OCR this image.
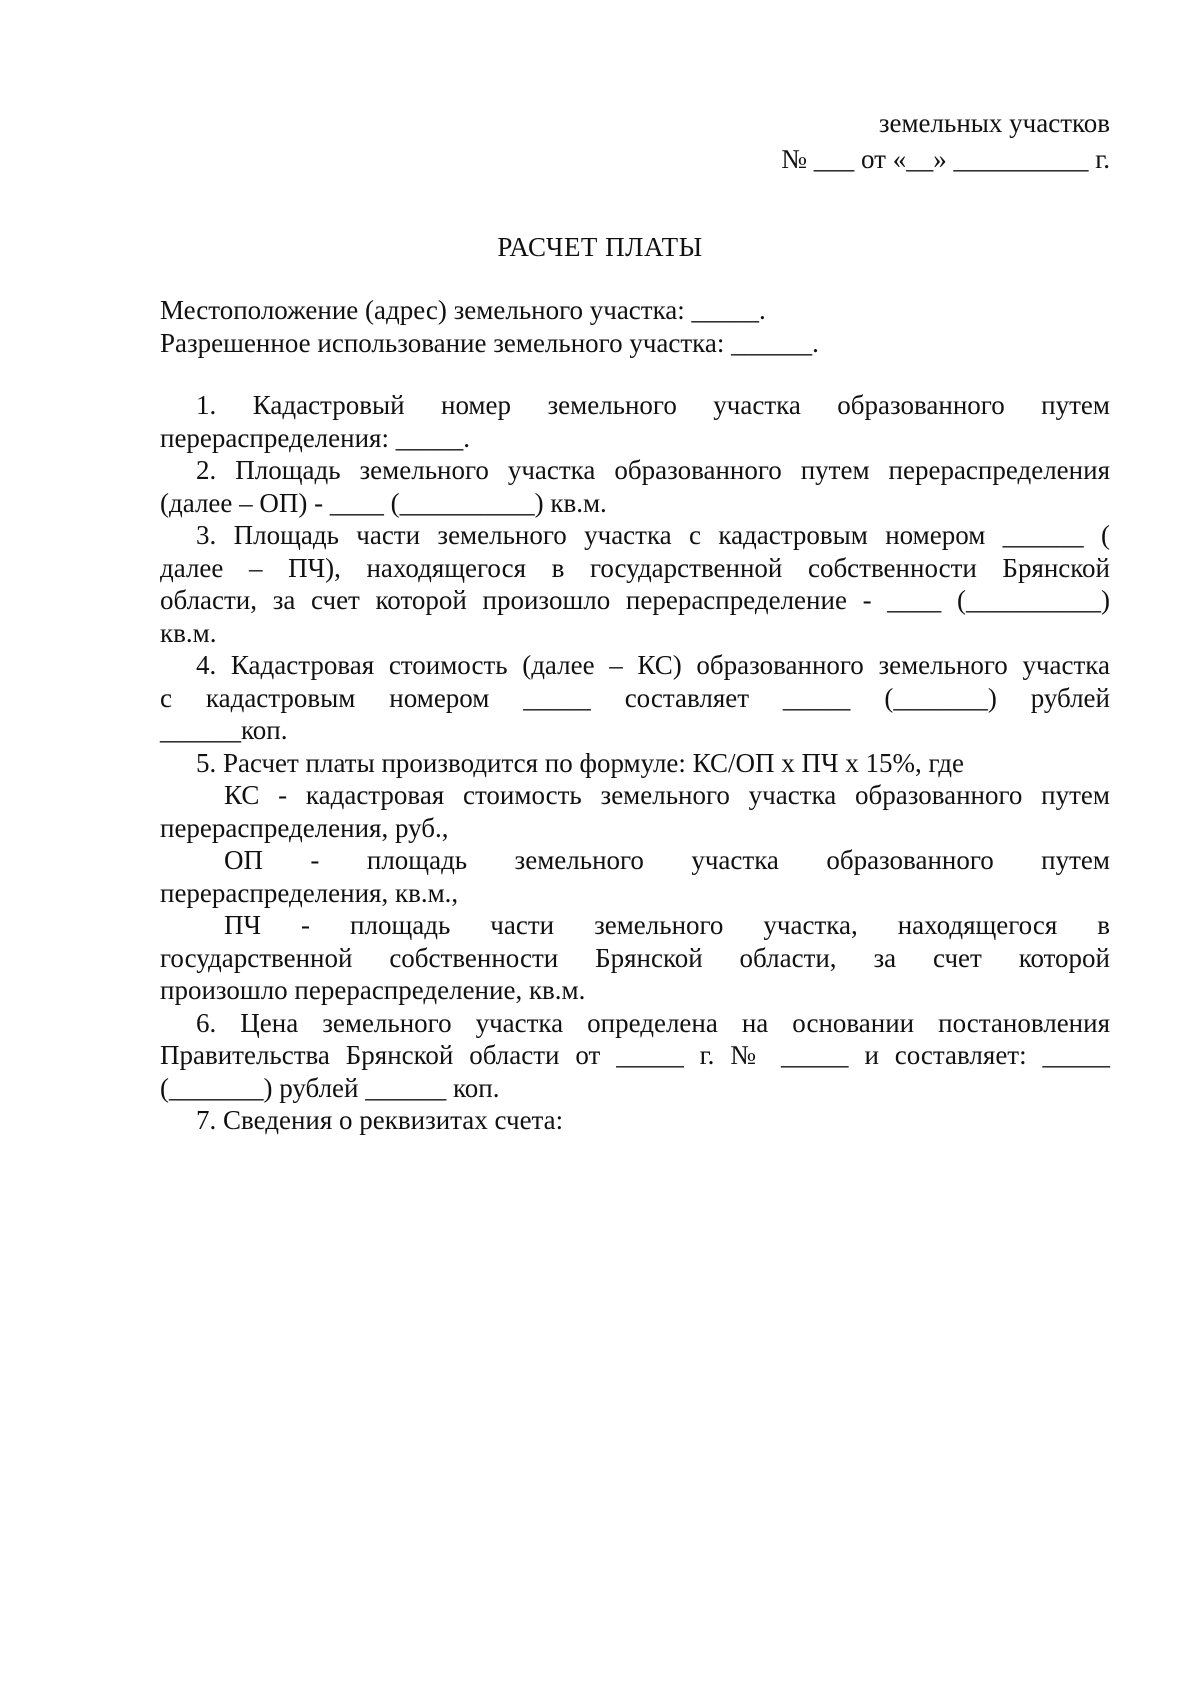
земельных участков
№ ___ от «__» __________ г.
РАСЧЕТ ПЛАТЫ

Местоположение (адрес) земельного участка: _____.

Разрешенное использование земельного участка: ______.

1. Кадастровый номер земельного участка образованного путем

перераспределения: _____.

2. Площадь земельного участка образованного путем перераспределения

(далее – ОП) - ____ (__________) кв.м.

3. Площадь части земельного участка с кадастровым номером ______ (

далее – ПЧ), находящегося в государственной собственности Брянской

области, за счет которой произошло перераспределение - ____ (__________)

кв.м.

4. Кадастровая стоимость (далее – КС) образованного земельного участка

с кадастровым номером _____ составляет _____ (_______) рублей

______коп.

5. Расчет платы производится по формуле: КС/ОП х ПЧ х 15%, где

КС - кадастровая стоимость земельного участка образованного путем

перераспределения, руб.,

ОП - площадь земельного участка образованного путем

перераспределения, кв.м.,

ПЧ - площадь части земельного участка, находящегося в

государственной собственности Брянской области, за счет которой

произошло перераспределение, кв.м.

6. Цена земельного участка определена на основании постановления

Правительства Брянской области от _____ г. № _____ и составляет: _____

(_______) рублей ______ коп.

7. Сведения о реквизитах счета:
